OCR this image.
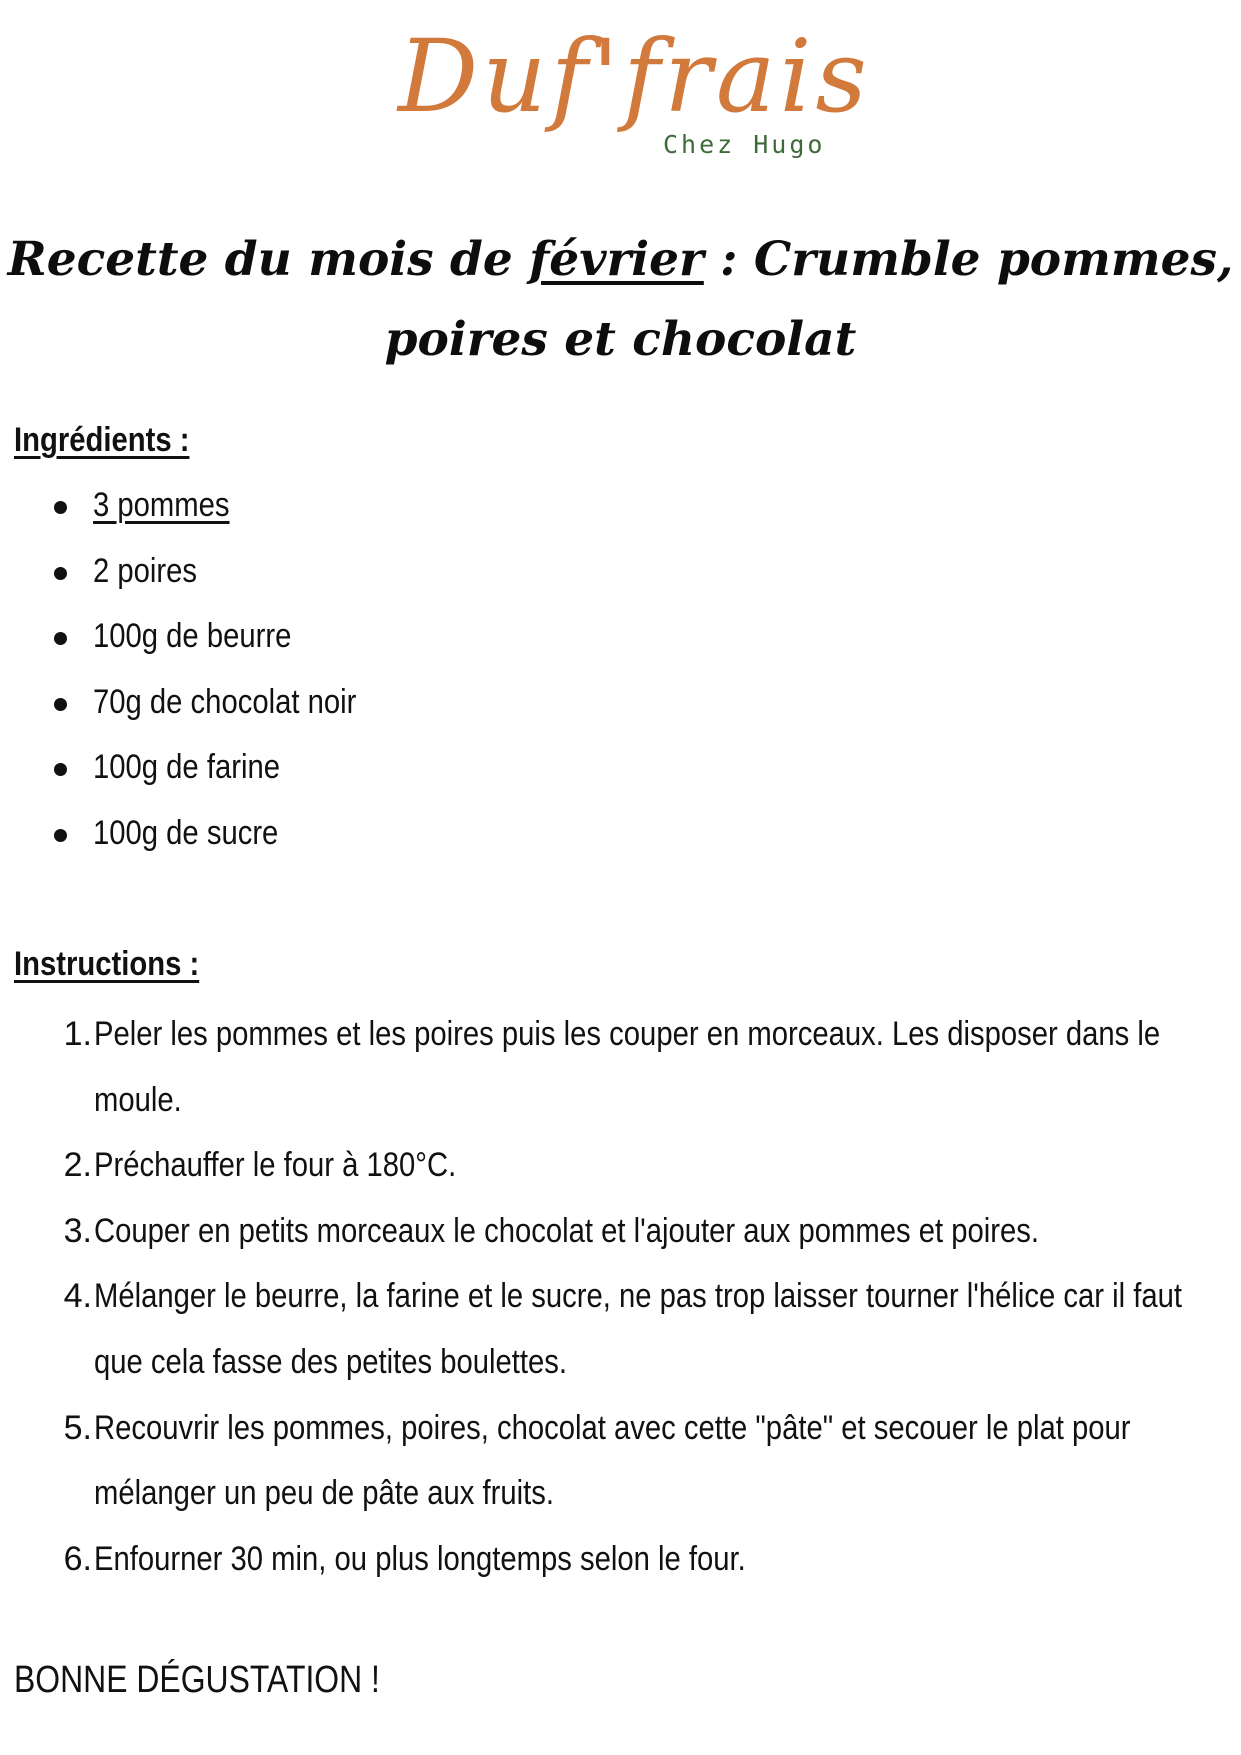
Duf'frais
Chez Hugo
Recette du mois de février : Crumble pommes, poires et chocolat
Ingrédients :
3 pommes
2 poires
100g de beurre
70g de chocolat noir
100g de farine
100g de sucre
Instructions :
1. Peler les pommes et les poires puis les couper en morceaux. Les disposer dans le moule.
2. Préchauffer le four à 180°C.
3. Couper en petits morceaux le chocolat et l'ajouter aux pommes et poires.
4. Mélanger le beurre, la farine et le sucre, ne pas trop laisser tourner l'hélice car il faut que cela fasse des petites boulettes.
5. Recouvrir les pommes, poires, chocolat avec cette "pâte" et secouer le plat pour mélanger un peu de pâte aux fruits.
6. Enfourner 30 min, ou plus longtemps selon le four.

BONNE DÉGUSTATION !
